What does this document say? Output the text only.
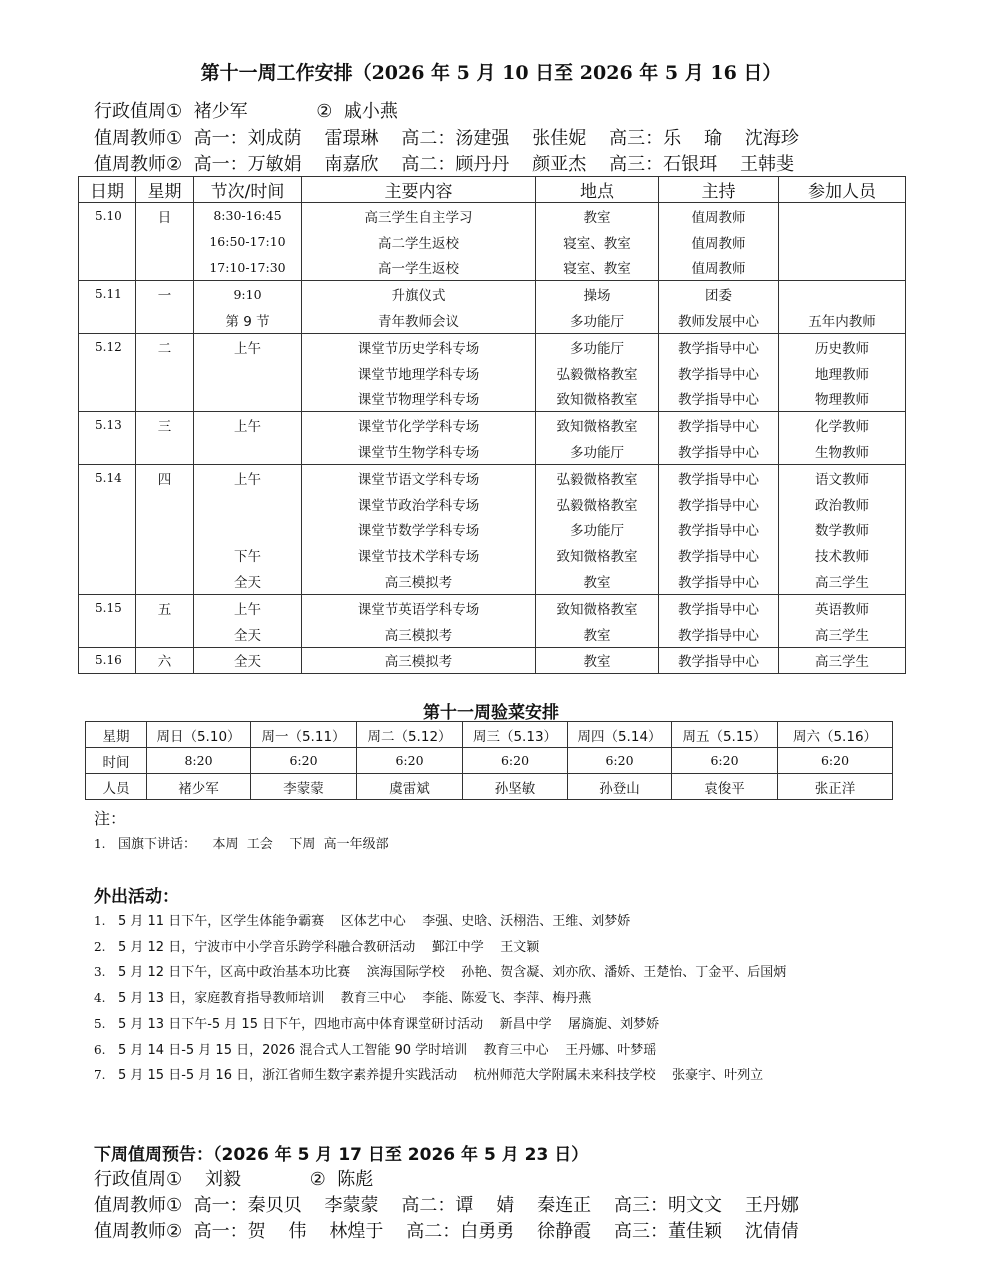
第十一周工作安排（2026 年 5 月 10 日至 2026 年 5 月 16 日）
行政值周①  褚少军            ②  戚小燕
值周教师①  高一：刘成荫    雷璟琳    高二：汤建强    张佳妮    高三：乐    瑜    沈海珍
值周教师②  高一：万敏娟    南嘉欣    高二：顾丹丹    颜亚杰    高三：石银珥    王韩斐
日期	星期	节次/时间	主要内容	地点	主持	参加人员
5.10	日	8:30-16:45	高三学生自主学习	教室	值周教师	
		16:50-17:10	高二学生返校	寝室、教室	值周教师	
		17:10-17:30	高一学生返校	寝室、教室	值周教师	
5.11	一	9:10	升旗仪式	操场	团委	
		第 9 节	青年教师会议	多功能厅	教师发展中心	五年内教师
5.12	二	上午	课堂节历史学科专场	多功能厅	教学指导中心	历史教师
			课堂节地理学科专场	弘毅微格教室	教学指导中心	地理教师
			课堂节物理学科专场	致知微格教室	教学指导中心	物理教师
5.13	三	上午	课堂节化学学科专场	致知微格教室	教学指导中心	化学教师
			课堂节生物学科专场	多功能厅	教学指导中心	生物教师
5.14	四	上午	课堂节语文学科专场	弘毅微格教室	教学指导中心	语文教师
			课堂节政治学科专场	弘毅微格教室	教学指导中心	政治教师
			课堂节数学学科专场	多功能厅	教学指导中心	数学教师
		下午	课堂节技术学科专场	致知微格教室	教学指导中心	技术教师
		全天	高三模拟考	教室	教学指导中心	高三学生
5.15	五	上午	课堂节英语学科专场	致知微格教室	教学指导中心	英语教师
		全天	高三模拟考	教室	教学指导中心	高三学生
5.16	六	全天	高三模拟考	教室	教学指导中心	高三学生
第十一周验菜安排
星期	周日（5.10）	周一（5.11）	周二（5.12）	周三（5.13）	周四（5.14）	周五（5.15）	周六（5.16）
时间	8:20	6:20	6:20	6:20	6:20	6:20	6:20
人员	褚少军	李蒙蒙	虞雷斌	孙坚敏	孙登山	袁俊平	张正洋
注：
1. 国旗下讲话：    本周  工会    下周  高一年级部
外出活动：
1. 5 月 11 日下午，区学生体能争霸赛    区体艺中心    李强、史晗、沃栩浩、王维、刘梦娇
2. 5 月 12 日，宁波市中小学音乐跨学科融合教研活动    鄞江中学    王文颖
3. 5 月 12 日下午，区高中政治基本功比赛    滨海国际学校    孙艳、贺含凝、刘亦欣、潘娇、王楚怡、丁金平、后国炳
4. 5 月 13 日，家庭教育指导教师培训    教育三中心    李能、陈爱飞、李萍、梅丹燕
5. 5 月 13 日下午-5 月 15 日下午，四地市高中体育课堂研讨活动    新昌中学    屠旖旎、刘梦娇
6. 5 月 14 日-5 月 15 日，2026 混合式人工智能 90 学时培训    教育三中心    王丹娜、叶梦瑶
7. 5 月 15 日-5 月 16 日，浙江省师生数字素养提升实践活动    杭州师范大学附属未来科技学校    张豪宇、叶列立
下周值周预告：（2026 年 5 月 17 日至 2026 年 5 月 23 日）
行政值周①    刘毅            ②  陈彪
值周教师①  高一：秦贝贝    李蒙蒙    高二：谭    婧    秦连正    高三：明文文    王丹娜
值周教师②  高一：贺    伟    林煌于    高二：白勇勇    徐静霞    高三：董佳颖    沈倩倩
